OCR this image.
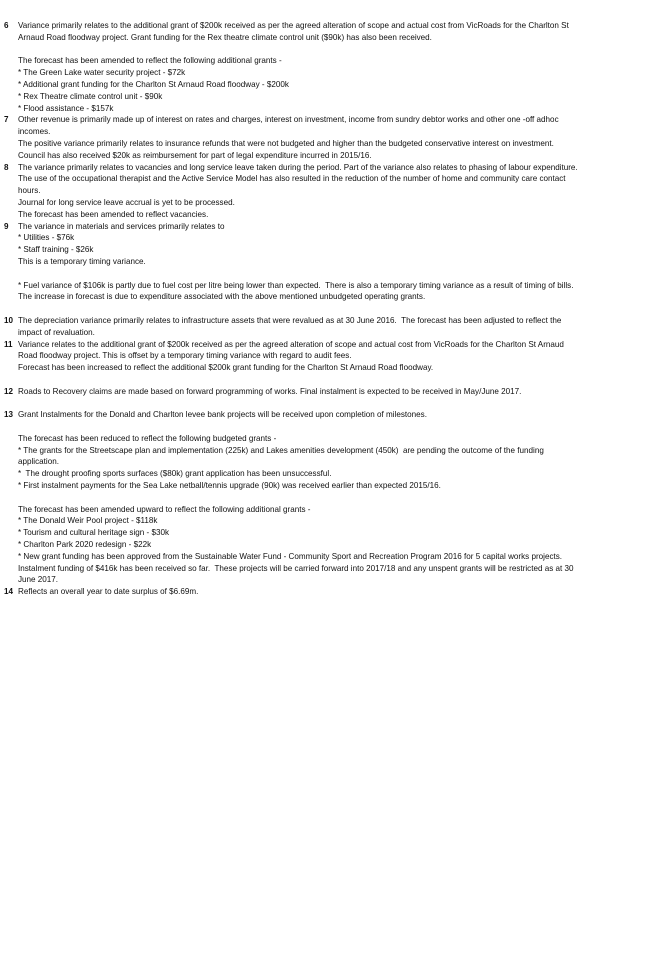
6	Variance primarily relates to the additional grant of $200k received as per the agreed alteration of scope and actual cost from VicRoads for the Charlton St
Arnaud Road floodway project. Grant funding for the Rex theatre climate control unit ($90k) has also been received.
The forecast has been amended to reflect the following additional grants -
* The Green Lake water security project - $72k
* Additional grant funding for the Charlton St Arnaud Road floodway - $200k
* Rex Theatre climate control unit - $90k
* Flood assistance - $157k
7	Other revenue is primarily made up of interest on rates and charges, interest on investment, income from sundry debtor works and other one -off adhoc
incomes.
The positive variance primarily relates to insurance refunds that were not budgeted and higher than the budgeted conservative interest on investment.
Council has also received $20k as reimbursement for part of legal expenditure incurred in 2015/16.
8	The variance primarily relates to vacancies and long service leave taken during the period. Part of the variance also relates to phasing of labour expenditure.
The use of the occupational therapist and the Active Service Model has also resulted in the reduction of the number of home and community care contact
hours.
Journal for long service leave accrual is yet to be processed.
The forecast has been amended to reflect vacancies.
9	The variance in materials and services primarily relates to
* Utilities - $76k
* Staff training - $26k
This is a temporary timing variance.
* Fuel variance of $106k is partly due to fuel cost per litre being lower than expected.  There is also a temporary timing variance as a result of timing of bills.
The increase in forecast is due to expenditure associated with the above mentioned unbudgeted operating grants.
10 The depreciation variance primarily relates to infrastructure assets that were revalued as at 30 June 2016.  The forecast has been adjusted to reflect the
impact of revaluation.
11 Variance relates to the additional grant of $200k received as per the agreed alteration of scope and actual cost from VicRoads for the Charlton St Arnaud
Road floodway project. This is offset by a temporary timing variance with regard to audit fees.
Forecast has been increased to reflect the additional $200k grant funding for the Charlton St Arnaud Road floodway.
12 Roads to Recovery claims are made based on forward programming of works. Final instalment is expected to be received in May/June 2017.
13 Grant Instalments for the Donald and Charlton levee bank projects will be received upon completion of milestones.
The forecast has been reduced to reflect the following budgeted grants -
* The grants for the Streetscape plan and implementation (225k) and Lakes amenities development (450k)  are pending the outcome of the funding
application.
*  The drought proofing sports surfaces ($80k) grant application has been unsuccessful.
* First instalment payments for the Sea Lake netball/tennis upgrade (90k) was received earlier than expected 2015/16.
The forecast has been amended upward to reflect the following additional grants -
* The Donald Weir Pool project - $118k
* Tourism and cultural heritage sign - $30k
* Charlton Park 2020 redesign - $22k
* New grant funding has been approved from the Sustainable Water Fund - Community Sport and Recreation Program 2016 for 5 capital works projects.
Instalment funding of $416k has been received so far.  These projects will be carried forward into 2017/18 and any unspent grants will be restricted as at 30
June 2017.
14 Reflects an overall year to date surplus of $6.69m.
